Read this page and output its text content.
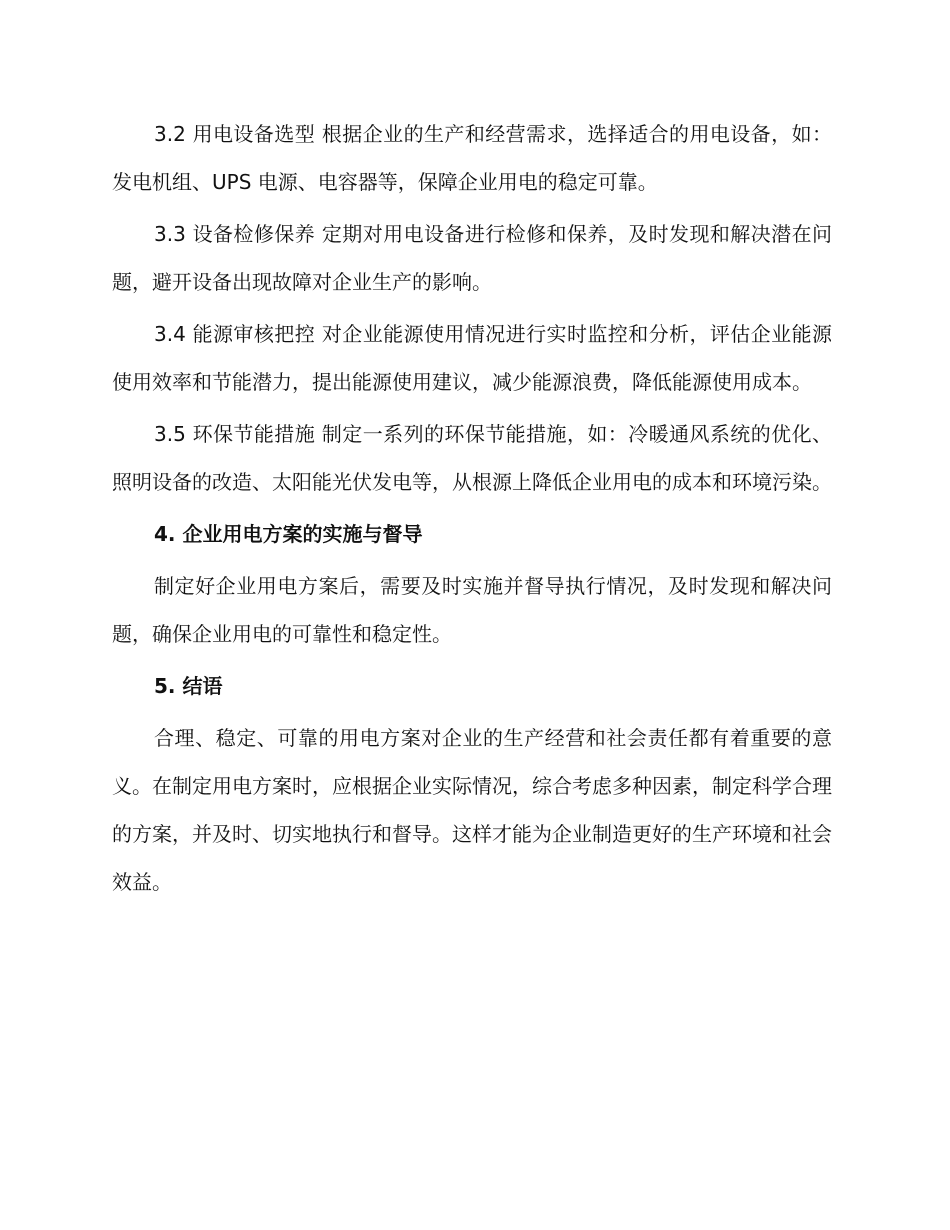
3.2 用电设备选型 根据企业的生产和经营需求，选择适合的用电设备，如：发电机组、UPS 电源、电容器等，保障企业用电的稳定可靠。

3.3 设备检修保养 定期对用电设备进行检修和保养，及时发现和解决潜在问题，避开设备出现故障对企业生产的影响。

3.4 能源审核把控 对企业能源使用情况进行实时监控和分析，评估企业能源使用效率和节能潜力，提出能源使用建议，减少能源浪费，降低能源使用成本。

3.5 环保节能措施 制定一系列的环保节能措施，如：冷暖通风系统的优化、照明设备的改造、太阳能光伏发电等，从根源上降低企业用电的成本和环境污染。

4. 企业用电方案的实施与督导

制定好企业用电方案后，需要及时实施并督导执行情况，及时发现和解决问题，确保企业用电的可靠性和稳定性。

5. 结语

合理、稳定、可靠的用电方案对企业的生产经营和社会责任都有着重要的意义。在制定用电方案时，应根据企业实际情况，综合考虑多种因素，制定科学合理的方案，并及时、切实地执行和督导。这样才能为企业制造更好的生产环境和社会效益。
